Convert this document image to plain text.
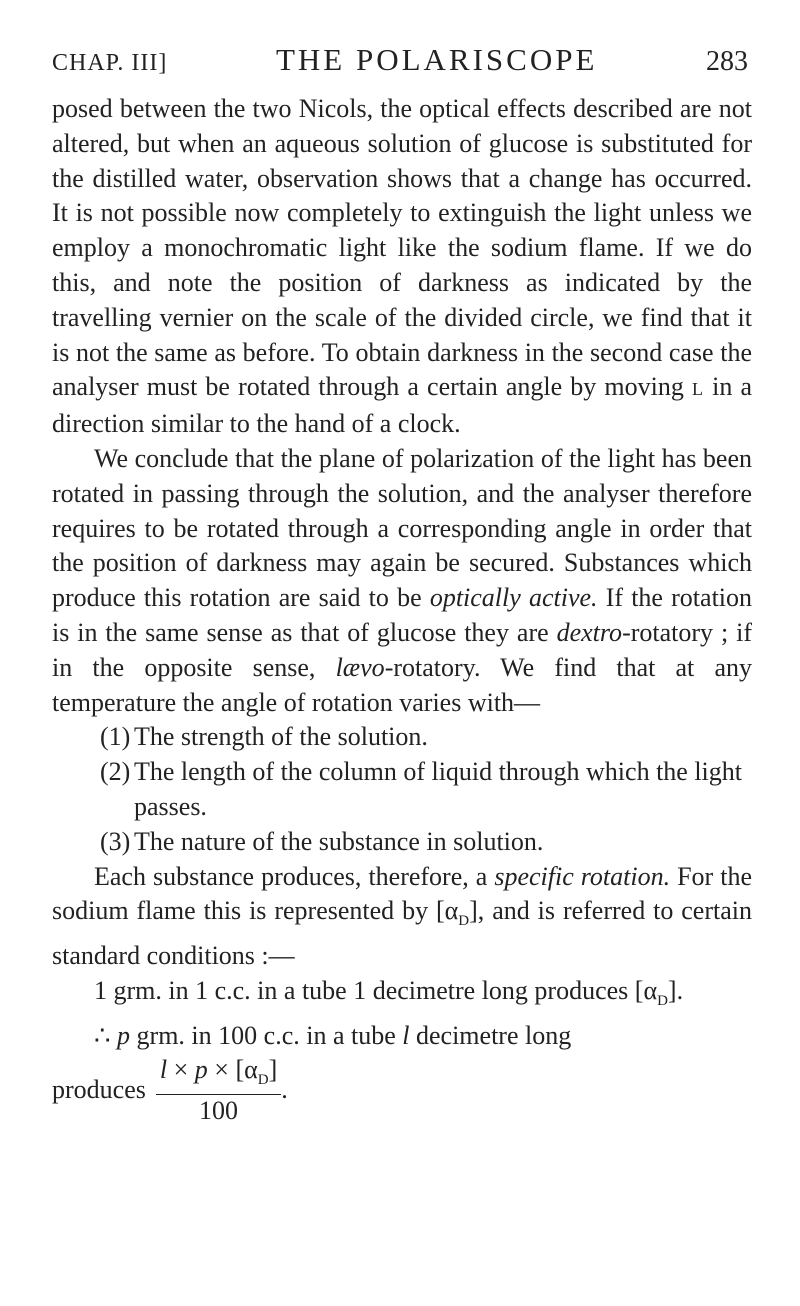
CHAP. III]	THE POLARISCOPE	283

posed between the two Nicols, the optical effects described are not altered, but when an aqueous solution of glucose is substituted for the distilled water, observation shows that a change has occurred. It is not possible now completely to extinguish the light unless we employ a monochromatic light like the sodium flame. If we do this, and note the position of darkness as indicated by the travelling vernier on the scale of the divided circle, we find that it is not the same as before. To obtain darkness in the second case the analyser must be rotated through a certain angle by moving L in a direction similar to the hand of a clock.

We conclude that the plane of polarization of the light has been rotated in passing through the solution, and the analyser therefore requires to be rotated through a corresponding angle in order that the position of darkness may again be secured. Substances which produce this rotation are said to be optically active. If the rotation is in the same sense as that of glucose they are dextro-rotatory ; if in the opposite sense, lævo-rotatory. We find that at any temperature the angle of rotation varies with—

(1) The strength of the solution.

(2) The length of the column of liquid through which the light passes.

(3) The nature of the substance in solution.

Each substance produces, therefore, a specific rotation. For the sodium flame this is represented by $[\alpha_D]$, and is referred to certain standard conditions :—

1 grm. in 1 c.c. in a tube 1 decimetre long produces $[\alpha_D]$.

∴ p grm. in 100 c.c. in a tube l decimetre long

produces $\frac{l \times p \times [\alpha_D]}{100}$ .
